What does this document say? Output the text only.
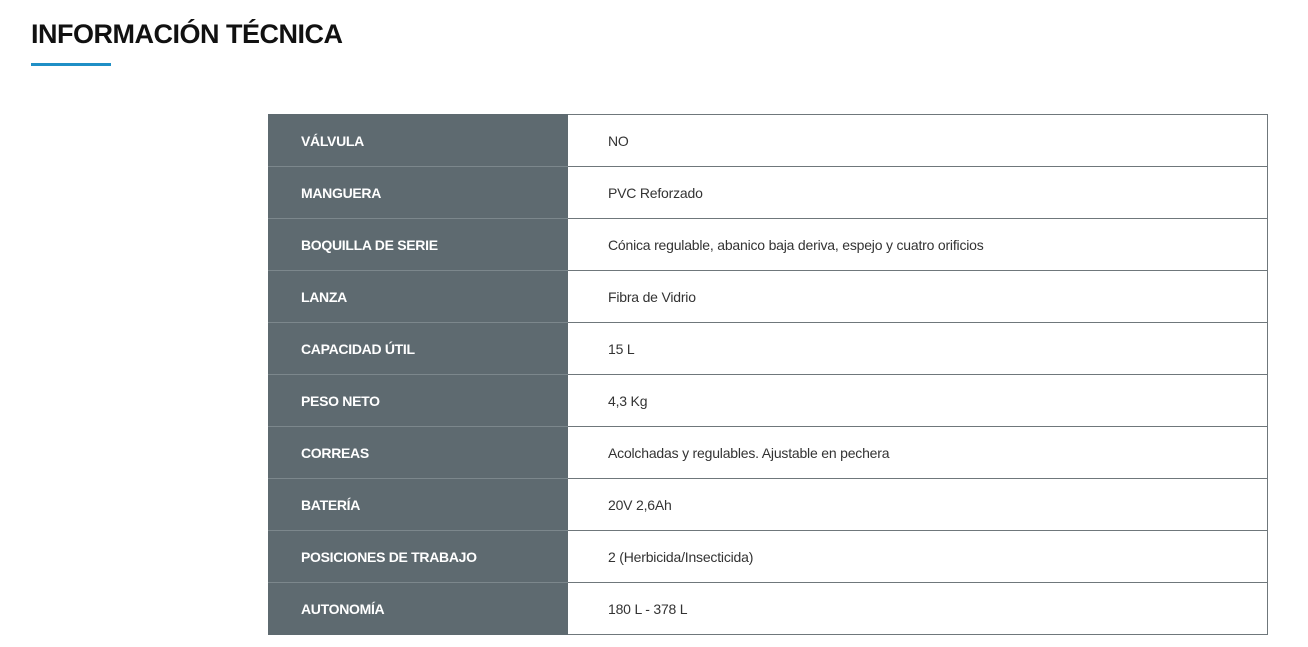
INFORMACIÓN TÉCNICA
VÁLVULA	NO
MANGUERA	PVC Reforzado
BOQUILLA DE SERIE	Cónica regulable, abanico baja deriva, espejo y cuatro orificios
LANZA	Fibra de Vidrio
CAPACIDAD ÚTIL	15 L
PESO NETO	4,3 Kg
CORREAS	Acolchadas y regulables. Ajustable en pechera
BATERÍA	20V 2,6Ah
POSICIONES DE TRABAJO	2 (Herbicida/Insecticida)
AUTONOMÍA	180 L - 378 L
